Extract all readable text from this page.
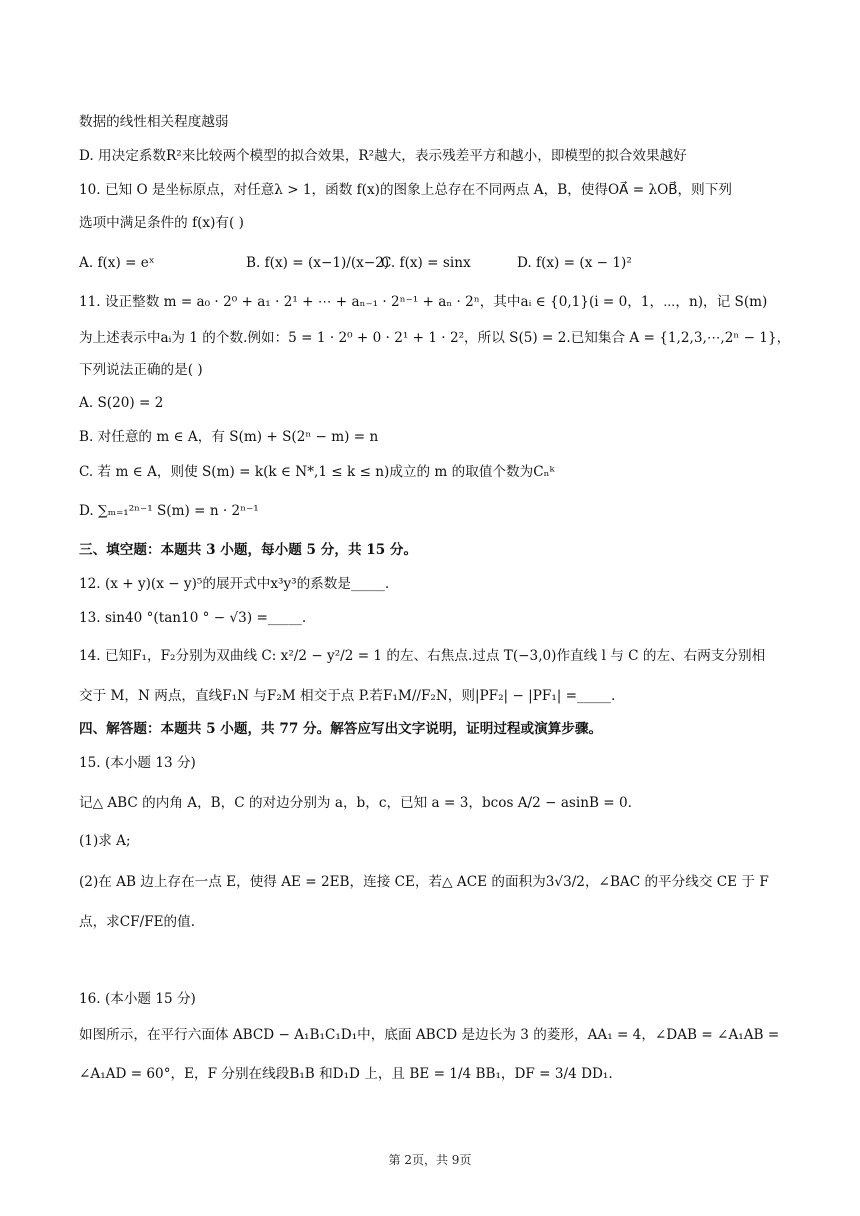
数据的线性相关程度越弱
D. 用决定系数R²来比较两个模型的拟合效果，R²越大，表示残差平方和越小，即模型的拟合效果越好
10. 已知 O 是坐标原点，对任意λ > 1，函数 f(x)的图象上总存在不同两点 A，B，使得OA⃗ = λOB⃗，则下列
选项中满足条件的 f(x)有( )
A. f(x) = eˣ	B. f(x) = (x−1)/(x−2)
C. f(x) = sinx	D. f(x) = (x − 1)²
11. 设正整数 m = a₀ · 2⁰ + a₁ · 2¹ + ⋯ + aₙ₋₁ · 2ⁿ⁻¹ + aₙ · 2ⁿ，其中aᵢ ∈ {0,1}(i = 0，1，⋯，n)，记 S(m)
为上述表示中aᵢ为 1 的个数.例如：5 = 1 · 2⁰ + 0 · 2¹ + 1 · 2²，所以 S(5) = 2.已知集合 A = {1,2,3,⋯,2ⁿ − 1}，
下列说法正确的是( )
A. S(20) = 2
B. 对任意的 m ∈ A，有 S(m) + S(2ⁿ − m) = n
C. 若 m ∈ A，则使 S(m) = k(k ∈ N*,1 ≤ k ≤ n)成立的 m 的取值个数为Cₙᵏ
D. ∑ₘ₌₁²ⁿ⁻¹ S(m) = n · 2ⁿ⁻¹
三、填空题：本题共 3 小题，每小题 5 分，共 15 分。
12. (x + y)(x − y)⁵的展开式中x³y³的系数是_____.
13. sin40 °(tan10 ° − √3) =_____.
14. 已知F₁，F₂分别为双曲线 C: x²/2 − y²/2 = 1 的左、右焦点.过点 T(−3,0)作直线 l 与 C 的左、右两支分别相
交于 M，N 两点，直线F₁N 与F₂M 相交于点 P.若F₁M//F₂N，则|PF₂| − |PF₁| =_____.
四、解答题：本题共 5 小题，共 77 分。解答应写出文字说明，证明过程或演算步骤。
15. (本小题 13 分)
记△ ABC 的内角 A，B，C 的对边分别为 a，b，c，已知 a = 3，bcos A/2 − asinB = 0.
(1)求 A;
(2)在 AB 边上存在一点 E，使得 AE = 2EB，连接 CE，若△ ACE 的面积为3√3/2，∠BAC 的平分线交 CE 于 F
点，求CF/FE的值.
16. (本小题 15 分)
如图所示，在平行六面体 ABCD − A₁B₁C₁D₁中，底面 ABCD 是边长为 3 的菱形，AA₁ = 4，∠DAB = ∠A₁AB =
∠A₁AD = 60°，E，F 分别在线段B₁B 和D₁D 上，且 BE = 1/4 BB₁，DF = 3/4 DD₁.
第 2页，共 9页
